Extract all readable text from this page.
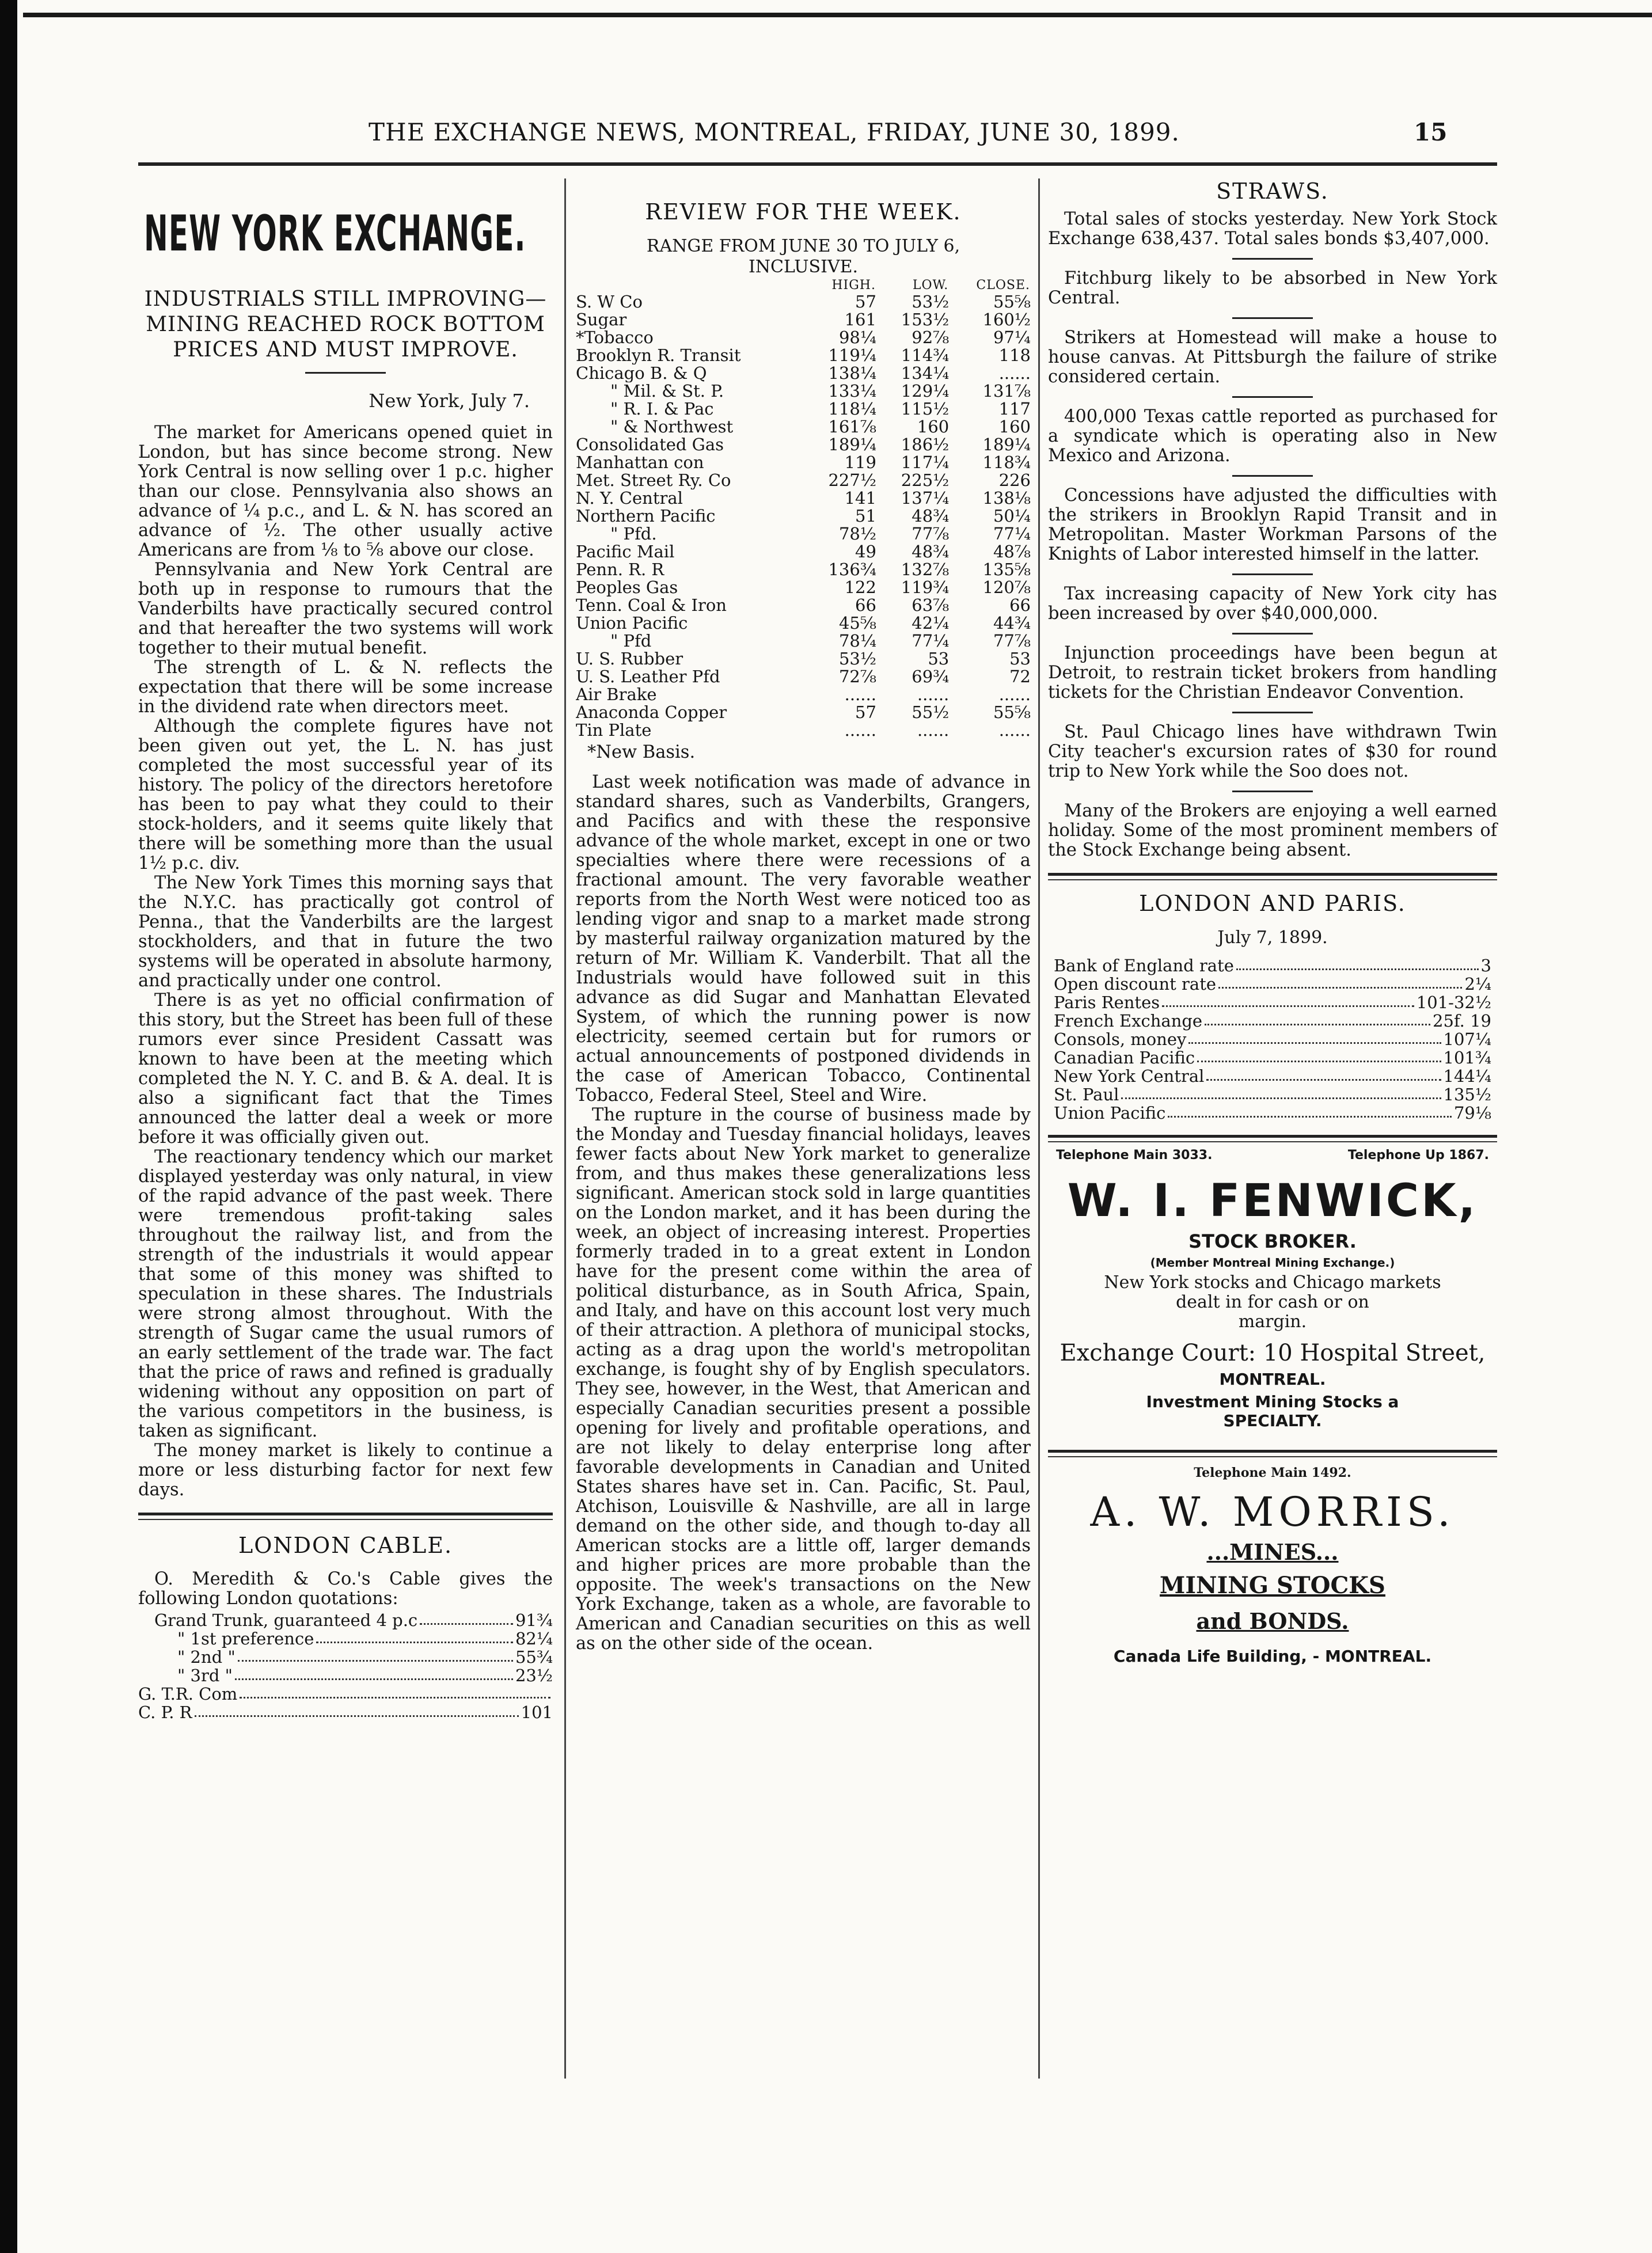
THE EXCHANGE NEWS, MONTREAL, FRIDAY, JUNE 30, 1899.	15
NEW YORK EXCHANGE.
INDUSTRIALS STILL IMPROVING—
MINING REACHED ROCK BOTTOM
PRICES AND MUST IMPROVE.
New York, July 7.

The market for Americans opened quiet in London, but has since become strong. New York Central is now selling over 1 p.c. higher than our close. Pennsylvania also shows an advance of ¼ p.c., and L. & N. has scored an advance of ½. The other usually active Americans are from ⅛ to ⅝ above our close.

Pennsylvania and New York Central are both up in response to rumours that the Vanderbilts have practically secured control and that hereafter the two systems will work together to their mutual benefit.

The strength of L. & N. reflects the expectation that there will be some increase in the dividend rate when directors meet.

Although the complete figures have not been given out yet, the L. N. has just completed the most successful year of its history. The policy of the directors heretofore has been to pay what they could to their stock-holders, and it seems quite likely that there will be something more than the usual 1½ p.c. div.

The New York Times this morning says that the N.Y.C. has practically got control of Penna., that the Vanderbilts are the largest stockholders, and that in future the two systems will be operated in absolute harmony, and practically under one control.

There is as yet no official confirmation of this story, but the Street has been full of these rumors ever since President Cassatt was known to have been at the meeting which completed the N. Y. C. and B. & A. deal. It is also a significant fact that the Times announced the latter deal a week or more before it was officially given out.

The reactionary tendency which our market displayed yesterday was only natural, in view of the rapid advance of the past week. There were tremendous profit-taking sales throughout the railway list, and from the strength of the industrials it would appear that some of this money was shifted to speculation in these shares. The Industrials were strong almost throughout. With the strength of Sugar came the usual rumors of an early settlement of the trade war. The fact that the price of raws and refined is gradually widening without any opposition on part of the various competitors in the business, is taken as significant.

The money market is likely to continue a more or less disturbing factor for next few days.

LONDON CABLE.

O. Meredith & Co.'s Cable gives the following London quotations:

Grand Trunk, guaranteed 4 p.c	91¾
" 1st preference	82¼
" 2nd "	55¾
" 3rd "	23½
G. T.R. Com
C. P. R	101
REVIEW FOR THE WEEK.
RANGE FROM JUNE 30 TO JULY 6,
INCLUSIVE.
	HIGH.	LOW.	CLOSE.
S. W Co	57	53½	55⅝
Sugar	161	153½	160½
*Tobacco	98¼	92⅞	97¼
Brooklyn R. Transit	119¼	114¾	118
Chicago B. & Q	138¼	134¼	......
" Mil. & St. P.	133¼	129¼	131⅞
" R. I. & Pac	118¼	115½	117
" & Northwest	161⅞	160	160
Consolidated Gas	189¼	186½	189¼
Manhattan con	119	117¼	118¾
Met. Street Ry. Co	227½	225½	226
N. Y. Central	141	137¼	138⅛
Northern Pacific	51	48¾	50¼
" Pfd.	78½	77⅞	77¼
Pacific Mail	49	48¾	48⅞
Penn. R. R	136¾	132⅞	135⅝
Peoples Gas	122	119¾	120⅞
Tenn. Coal & Iron	66	63⅞	66
Union Pacific	45⅝	42¼	44¾
" Pfd	78¼	77¼	77⅞
U. S. Rubber	53½	53	53
U. S. Leather Pfd	72⅞	69¾	72
Air Brake	......	......	......
Anaconda Copper	57	55½	55⅝
Tin Plate	......	......	......

*New Basis.

Last week notification was made of advance in standard shares, such as Vanderbilts, Grangers, and Pacifics and with these the responsive advance of the whole market, except in one or two specialties where there were recessions of a fractional amount. The very favorable weather reports from the North West were noticed too as lending vigor and snap to a market made strong by masterful railway organization matured by the return of Mr. William K. Vanderbilt. That all the Industrials would have followed suit in this advance as did Sugar and Manhattan Elevated System, of which the running power is now electricity, seemed certain but for rumors or actual announcements of postponed dividends in the case of American Tobacco, Continental Tobacco, Federal Steel, Steel and Wire.

The rupture in the course of business made by the Monday and Tuesday financial holidays, leaves fewer facts about New York market to generalize from, and thus makes these generalizations less significant. American stock sold in large quantities on the London market, and it has been during the week, an object of increasing interest. Properties formerly traded in to a great extent in London have for the present come within the area of political disturbance, as in South Africa, Spain, and Italy, and have on this account lost very much of their attraction. A plethora of municipal stocks, acting as a drag upon the world's metropolitan exchange, is fought shy of by English speculators. They see, however, in the West, that American and especially Canadian securities present a possible opening for lively and profitable operations, and are not likely to delay enterprise long after favorable developments in Canadian and United States shares have set in. Can. Pacific, St. Paul, Atchison, Louisville & Nashville, are all in large demand on the other side, and though to-day all American stocks are a little off, larger demands and higher prices are more probable than the opposite. The week's transactions on the New York Exchange, taken as a whole, are favorable to American and Canadian securities on this as well as on the other side of the ocean.

STRAWS.

Total sales of stocks yesterday. New York Stock Exchange 638,437. Total sales bonds $3,407,000.

Fitchburg likely to be absorbed in New York Central.

Strikers at Homestead will make a house to house canvas. At Pittsburgh the failure of strike considered certain.

400,000 Texas cattle reported as purchased for a syndicate which is operating also in New Mexico and Arizona.

Concessions have adjusted the difficulties with the strikers in Brooklyn Rapid Transit and in Metropolitan. Master Workman Parsons of the Knights of Labor interested himself in the latter.

Tax increasing capacity of New York city has been increased by over $40,000,000.

Injunction proceedings have been begun at Detroit, to restrain ticket brokers from handling tickets for the Christian Endeavor Convention.

St. Paul Chicago lines have withdrawn Twin City teacher's excursion rates of $30 for round trip to New York while the Soo does not.

Many of the Brokers are enjoying a well earned holiday. Some of the most prominent members of the Stock Exchange being absent.

LONDON AND PARIS.
July 7, 1899.
Bank of England rate	3
Open discount rate	2¼
Paris Rentes	101-32½
French Exchange	25f. 19
Consols, money	107¼
Canadian Pacific	101¾
New York Central	144¼
St. Paul	135½
Union Pacific	79⅛
Telephone Main 3033.	Telephone Up 1867.
W. I. FENWICK,
STOCK BROKER.
(Member Montreal Mining Exchange.)
New York stocks and Chicago markets
dealt in for cash or on
margin.
Exchange Court: 10 Hospital Street,
MONTREAL.
Investment Mining Stocks a
SPECIALTY.
Telephone Main 1492.
A. W. MORRIS.
...MINES...
MINING STOCKS
and BONDS.
Canada Life Building, - MONTREAL.
